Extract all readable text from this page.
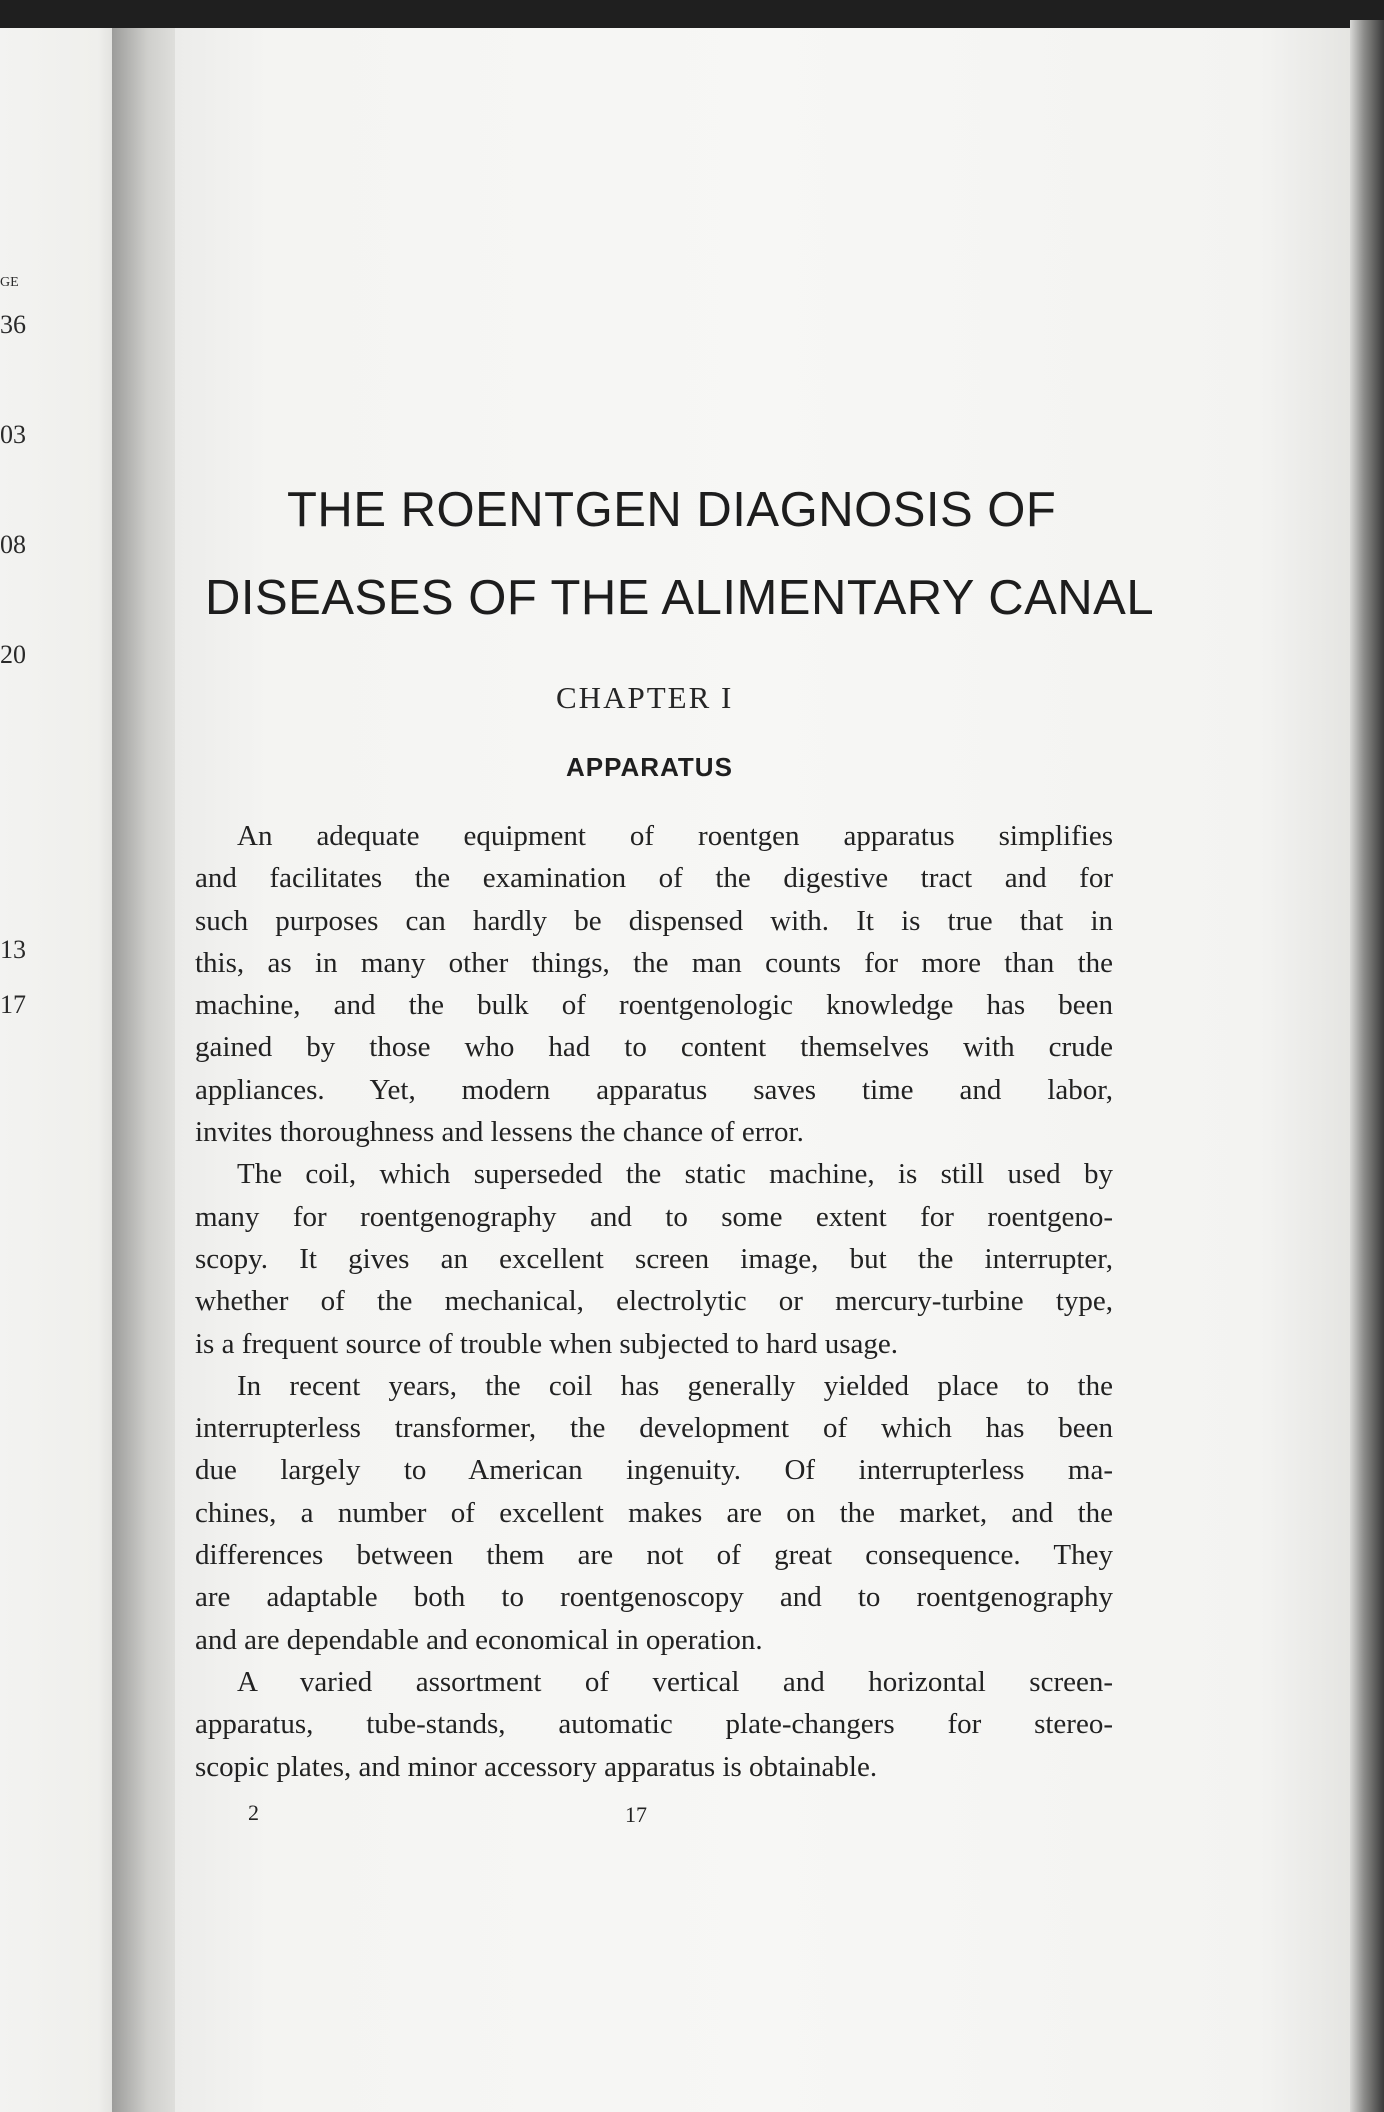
GE
36
03
08
20
13
17
THE ROENTGEN DIAGNOSIS OF
DISEASES OF THE ALIMENTARY CANAL
CHAPTER I
APPARATUS

An adequate equipment of roentgen apparatus simplifies
and facilitates the examination of the digestive tract and for
such purposes can hardly be dispensed with. It is true that in
this, as in many other things, the man counts for more than the
machine, and the bulk of roentgenologic knowledge has been
gained by those who had to content themselves with crude
appliances. Yet, modern apparatus saves time and labor,
invites thoroughness and lessens the chance of error.

The coil, which superseded the static machine, is still used by
many for roentgenography and to some extent for roentgeno-
scopy. It gives an excellent screen image, but the interrupter,
whether of the mechanical, electrolytic or mercury-turbine type,
is a frequent source of trouble when subjected to hard usage.

In recent years, the coil has generally yielded place to the
interrupterless transformer, the development of which has been
due largely to American ingenuity. Of interrupterless ma-
chines, a number of excellent makes are on the market, and the
differences between them are not of great consequence. They
are adaptable both to roentgenoscopy and to roentgenography
and are dependable and economical in operation.

A varied assortment of vertical and horizontal screen-
apparatus, tube-stands, automatic plate-changers for stereo-
scopic plates, and minor accessory apparatus is obtainable.

2	17
